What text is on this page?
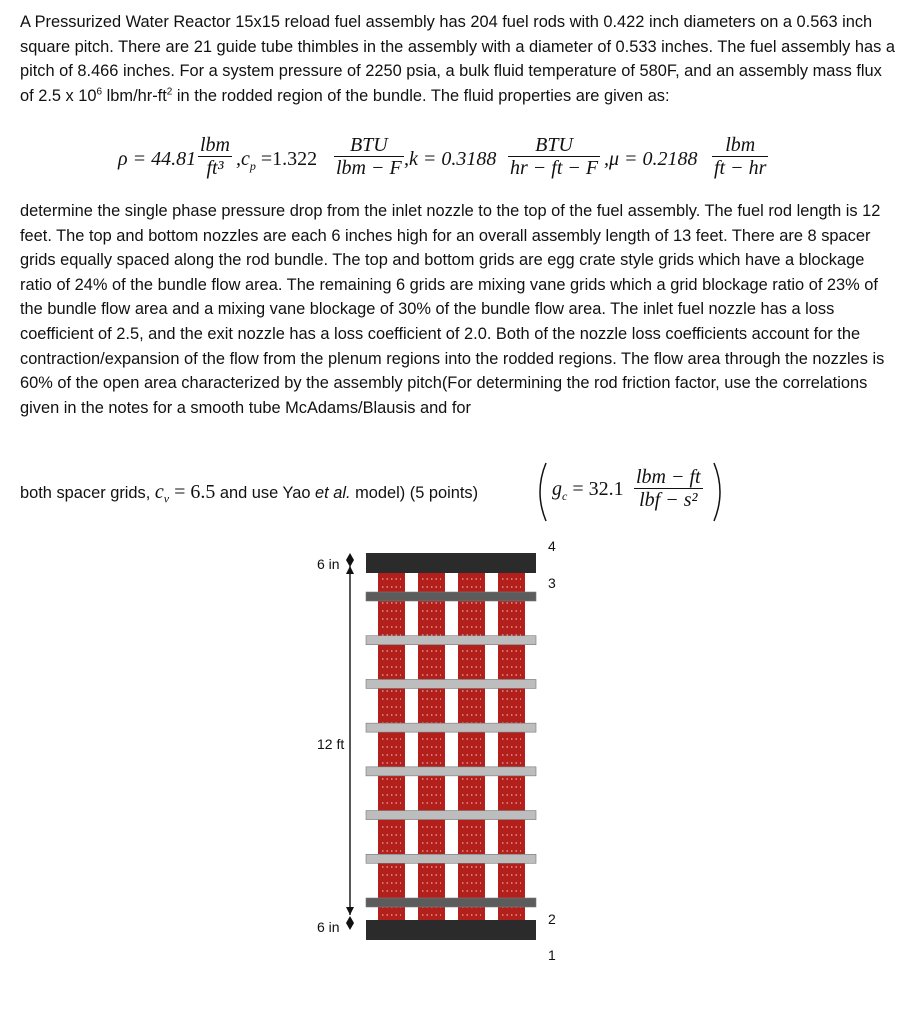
A Pressurized Water Reactor 15x15 reload fuel assembly has 204 fuel rods with 0.422 inch diameters on a 0.563 inch square pitch. There are 21 guide tube thimbles in the assembly with a diameter of 0.533 inches. The fuel assembly has a pitch of 8.466 inches. For a system pressure of 2250 psia, a bulk fluid temperature of 580F, and an assembly mass flux of 2.5 x $10^6$ lbm/$hr-ft^2$ in the rodded region of the bundle. The fluid properties are given as:

ρ = 44.81
lbm
ft³ $,c_p =1.322$
BTU
lbm − F ,k = 0.3188
BTU
hr − ft − F ,μ = 0.2188
lbm
ft − hr

determine the single phase pressure drop from the inlet nozzle to the top of the fuel assembly. The fuel rod length is 12 feet. The top and bottom nozzles are each 6 inches high for an overall assembly length of 13 feet. There are 8 spacer grids equally spaced along the rod bundle. The top and bottom grids are egg crate style grids which have a blockage ratio of 24% of the bundle flow area. The remaining 6 grids are mixing vane grids which a grid blockage ratio of 23% of the bundle flow area and a mixing vane blockage of 30% of the bundle flow area. The inlet fuel nozzle has a loss coefficient of 2.5, and the exit nozzle has a loss coefficient of 2.0. Both of the nozzle loss coefficients account for the contraction/expansion of the flow from the plenum regions into the rodded regions. The flow area through the nozzles is 60% of the open area characterized by the assembly pitch(For determining the rod friction factor, use the correlations given in the notes for a smooth tube McAdams/Blausis and for

both spacer grids, $c_v = 6.5$ and use Yao et al. model) (5 points)	$g_c = 32.1$
lbm − ft
lbf − s²
6 in
12 ft
6 in
4
3
2
1
